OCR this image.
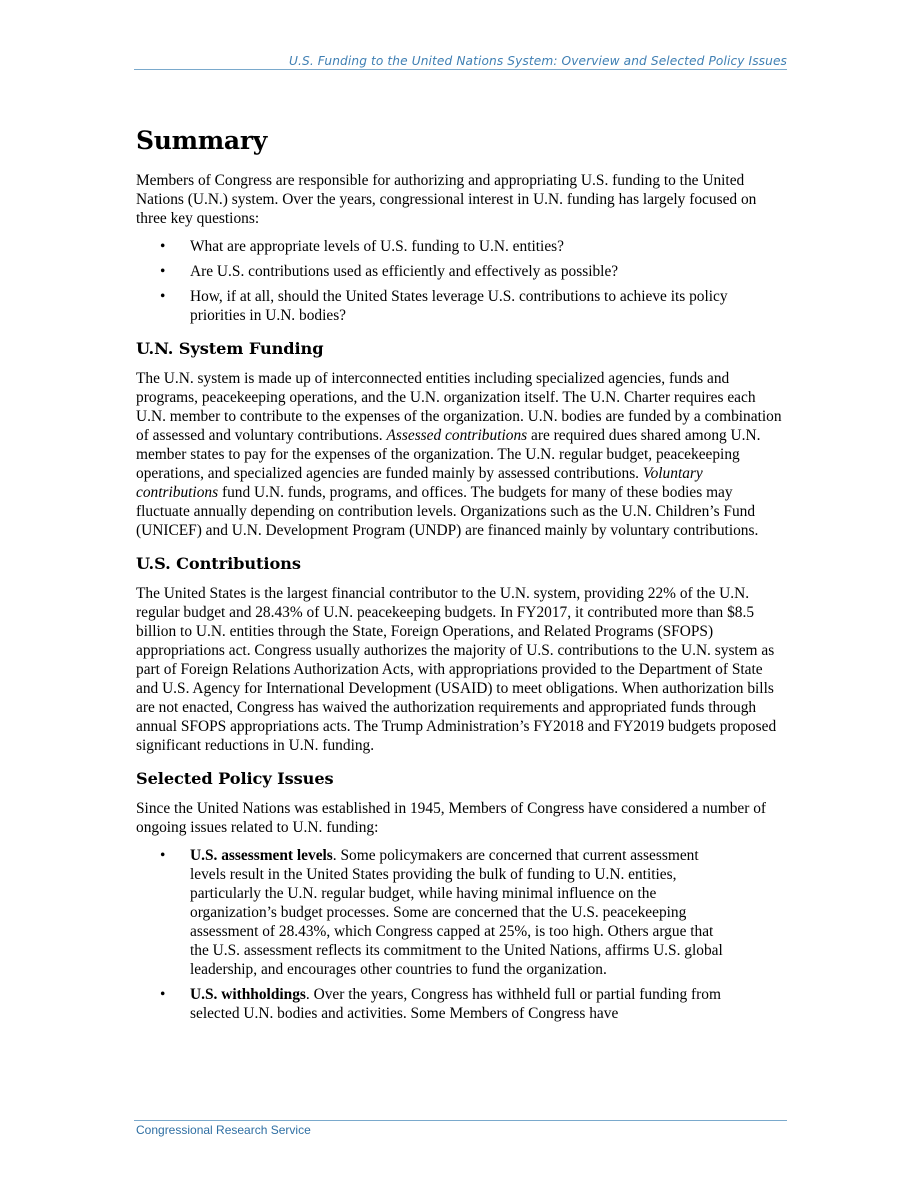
U.S. Funding to the United Nations System: Overview and Selected Policy Issues
Summary

Members of Congress are responsible for authorizing and appropriating U.S. funding to the United Nations (U.N.) system. Over the years, congressional interest in U.N. funding has largely focused on three key questions:

• What are appropriate levels of U.S. funding to U.N. entities?
• Are U.S. contributions used as efficiently and effectively as possible?
• How, if at all, should the United States leverage U.S. contributions to achieve its policy priorities in U.N. bodies?
U.N. System Funding

The U.N. system is made up of interconnected entities including specialized agencies, funds and programs, peacekeeping operations, and the U.N. organization itself. The U.N. Charter requires each U.N. member to contribute to the expenses of the organization. U.N. bodies are funded by a combination of assessed and voluntary contributions. Assessed contributions are required dues shared among U.N. member states to pay for the expenses of the organization. The U.N. regular budget, peacekeeping operations, and specialized agencies are funded mainly by assessed contributions. Voluntary contributions fund U.N. funds, programs, and offices. The budgets for many of these bodies may fluctuate annually depending on contribution levels. Organizations such as the U.N. Children’s Fund (UNICEF) and U.N. Development Program (UNDP) are financed mainly by voluntary contributions.

U.S. Contributions

The United States is the largest financial contributor to the U.N. system, providing 22% of the U.N. regular budget and 28.43% of U.N. peacekeeping budgets. In FY2017, it contributed more than $8.5 billion to U.N. entities through the State, Foreign Operations, and Related Programs (SFOPS) appropriations act. Congress usually authorizes the majority of U.S. contributions to the U.N. system as part of Foreign Relations Authorization Acts, with appropriations provided to the Department of State and U.S. Agency for International Development (USAID) to meet obligations. When authorization bills are not enacted, Congress has waived the authorization requirements and appropriated funds through annual SFOPS appropriations acts. The Trump Administration’s FY2018 and FY2019 budgets proposed significant reductions in U.N. funding.

Selected Policy Issues

Since the United Nations was established in 1945, Members of Congress have considered a number of ongoing issues related to U.N. funding:

• U.S. assessment levels. Some policymakers are concerned that current assessment levels result in the United States providing the bulk of funding to U.N. entities, particularly the U.N. regular budget, while having minimal influence on the organization’s budget processes. Some are concerned that the U.S. peacekeeping assessment of 28.43%, which Congress capped at 25%, is too high. Others argue that the U.S. assessment reflects its commitment to the United Nations, affirms U.S. global leadership, and encourages other countries to fund the organization.
• U.S. withholdings. Over the years, Congress has withheld full or partial funding from selected U.N. bodies and activities. Some Members of Congress have
Congressional Research Service
